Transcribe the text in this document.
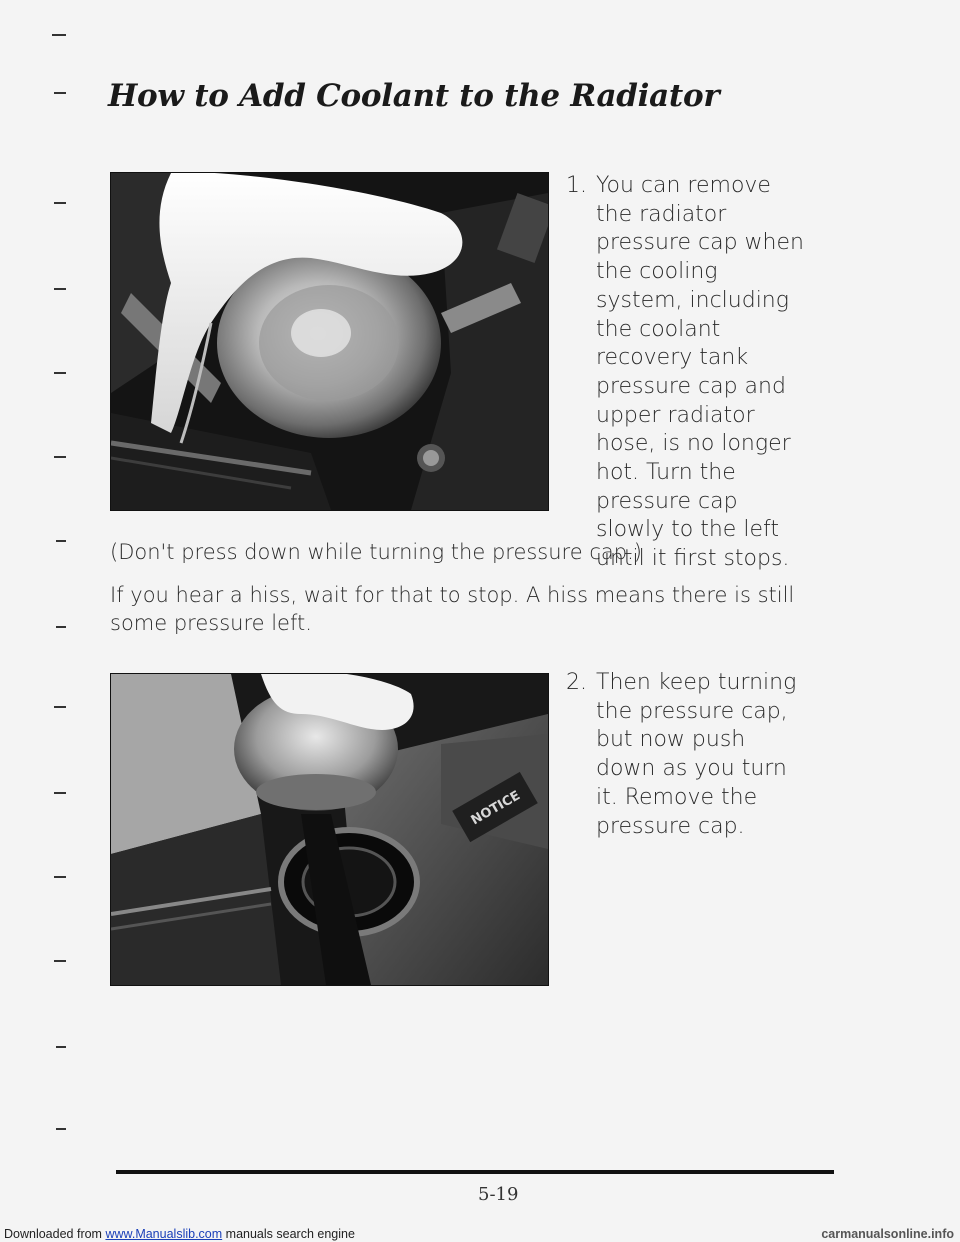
How to Add Coolant to the Radiator
1. You can remove the radiator pressure cap when the cooling system, including the coolant recovery tank pressure cap and upper radiator hose, is no longer hot. Turn the pressure cap slowly to the left until it first stops.

(Don't press down while turning the pressure cap.)

If you hear a hiss, wait for that to stop. A hiss means there is still some pressure left.

NOTICE
2. Then keep turning the pressure cap, but now push down as you turn it. Remove the pressure cap.
5-19
Downloaded from www.Manualslib.com manuals search engine	carmanualsonline.info
